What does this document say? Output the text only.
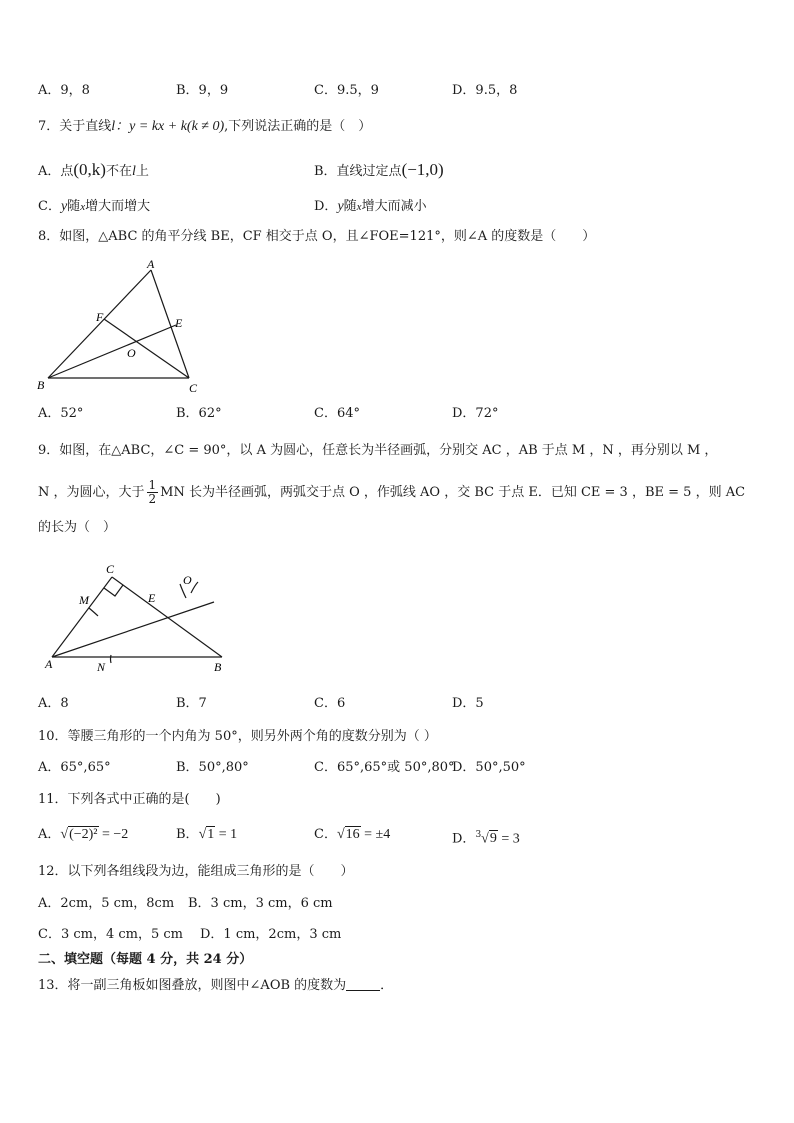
A．9，8	B．9，9	C．9.5，9	D．9.5，8
7．关于直线l：y = kx + k(k ≠ 0),下列说法正确的是（　）
A．点(0,k)不在l上	B．直线过定点(−1,0)
C．y随x增大而增大	D．y随x增大而减小
8．如图，△ABC 的角平分线 BE，CF 相交于点 O，且∠FOE=121°，则∠A 的度数是（　　）
A
B	C
E
F
O
A．52°	B．62°	C．64°	D．72°
9．如图，在△ABC，∠C = 90°，以 A 为圆心，任意长为半径画弧，分别交 AC ，AB 于点 M ，N ，再分别以 M ，
N ，为圆心，大于 $\frac{1}{2}$ MN 长为半径画弧，两弧交于点 O ，作弧线 AO ，交 BC 于点 E．已知 CE = 3 ，BE = 5 ，则 AC
的长为（　）
A	B
C
E
M
N
O
A．8	B．7	C．6	D．5
10．等腰三角形的一个内角为 50°，则另外两个角的度数分别为（ ）
A．65°,65°	B．50°,80°	C．65°,65°或 50°,80°
D．50°,50°
11．下列各式中正确的是(　　)
A．√(−2)² = −2	B．√1 = 1	C．√16 = ±4	D．$^3$√9 = 3
12．以下列各组线段为边，能组成三角形的是（　　）
A．2cm，5 cm，8cm B．3 cm，3 cm，6 cm
C．3 cm，4 cm，5 cm D．1 cm，2cm，3 cm
二、填空题（每题 4 分，共 24 分）
13．将一副三角板如图叠放，则图中∠AOB 的度数为	．
